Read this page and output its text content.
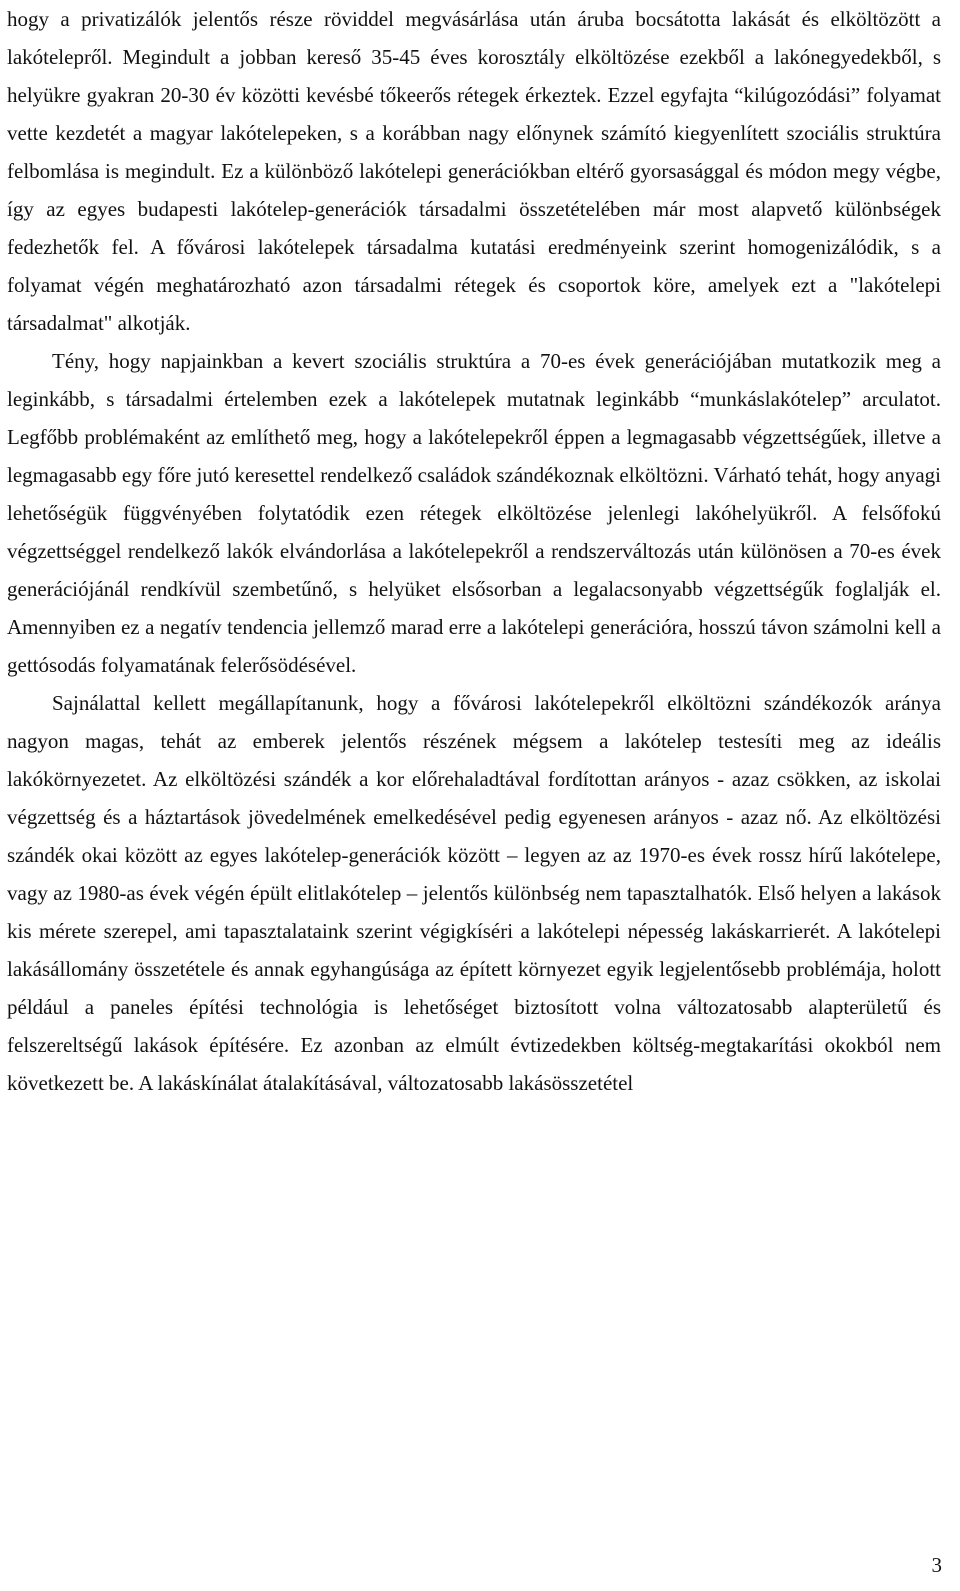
hogy a privatizálók jelentős része röviddel megvásárlása után áruba bocsátotta lakását és elköltözött a lakótelepről. Megindult a jobban kereső 35-45 éves korosztály elköltözése ezekből a lakónegyedekből, s helyükre gyakran 20-30 év közötti kevésbé tőkeerős rétegek érkeztek. Ezzel egyfajta “kilúgozódási” folyamat vette kezdetét a magyar lakótelepeken, s a korábban nagy előnynek számító kiegyenlített szociális struktúra felbomlása is megindult. Ez a különböző lakótelepi generációkban eltérő gyorsasággal és módon megy végbe, így az egyes budapesti lakótelep-generációk társadalmi összetételében már most alapvető különbségek fedezhetők fel. A fővárosi lakótelepek társadalma kutatási eredményeink szerint homogenizálódik, s a folyamat végén meghatározható azon társadalmi rétegek és csoportok köre, amelyek ezt a "lakótelepi társadalmat" alkotják.

Tény, hogy napjainkban a kevert szociális struktúra a 70-es évek generációjában mutatkozik meg a leginkább, s társadalmi értelemben ezek a lakótelepek mutatnak leginkább “munkáslakótelep” arculatot. Legfőbb problémaként az említhető meg, hogy a lakótelepekről éppen a legmagasabb végzettségűek, illetve a legmagasabb egy főre jutó keresettel rendelkező családok szándékoznak elköltözni. Várható tehát, hogy anyagi lehetőségük függvényében folytatódik ezen rétegek elköltözése jelenlegi lakóhelyükről. A felsőfokú végzettséggel rendelkező lakók elvándorlása a lakótelepekről a rendszerváltozás után különösen a 70-es évek generációjánál rendkívül szembetűnő, s helyüket elsősorban a legalacsonyabb végzettségűk foglalják el. Amennyiben ez a negatív tendencia jellemző marad erre a lakótelepi generációra, hosszú távon számolni kell a gettósodás folyamatának felerősödésével.

Sajnálattal kellett megállapítanunk, hogy a fővárosi lakótelepekről elköltözni szándékozók aránya nagyon magas, tehát az emberek jelentős részének mégsem a lakótelep testesíti meg az ideális lakókörnyezetet. Az elköltözési szándék a kor előrehaladtával fordítottan arányos - azaz csökken, az iskolai végzettség és a háztartások jövedelmének emelkedésével pedig egyenesen arányos - azaz nő. Az elköltözési szándék okai között az egyes lakótelep-generációk között – legyen az az 1970-es évek rossz hírű lakótelepe, vagy az 1980-as évek végén épült elitlakótelep – jelentős különbség nem tapasztalhatók. Első helyen a lakások kis mérete szerepel, ami tapasztalataink szerint végigkíséri a lakótelepi népesség lakáskarrierét. A lakótelepi lakásállomány összetétele és annak egyhangúsága az épített környezet egyik legjelentősebb problémája, holott például a paneles építési technológia is lehetőséget biztosított volna változatosabb alapterületű és felszereltségű lakások építésére. Ez azonban az elmúlt évtizedekben költség-megtakarítási okokból nem következett be. A lakáskínálat átalakításával, változatosabb lakásösszetétel

3
